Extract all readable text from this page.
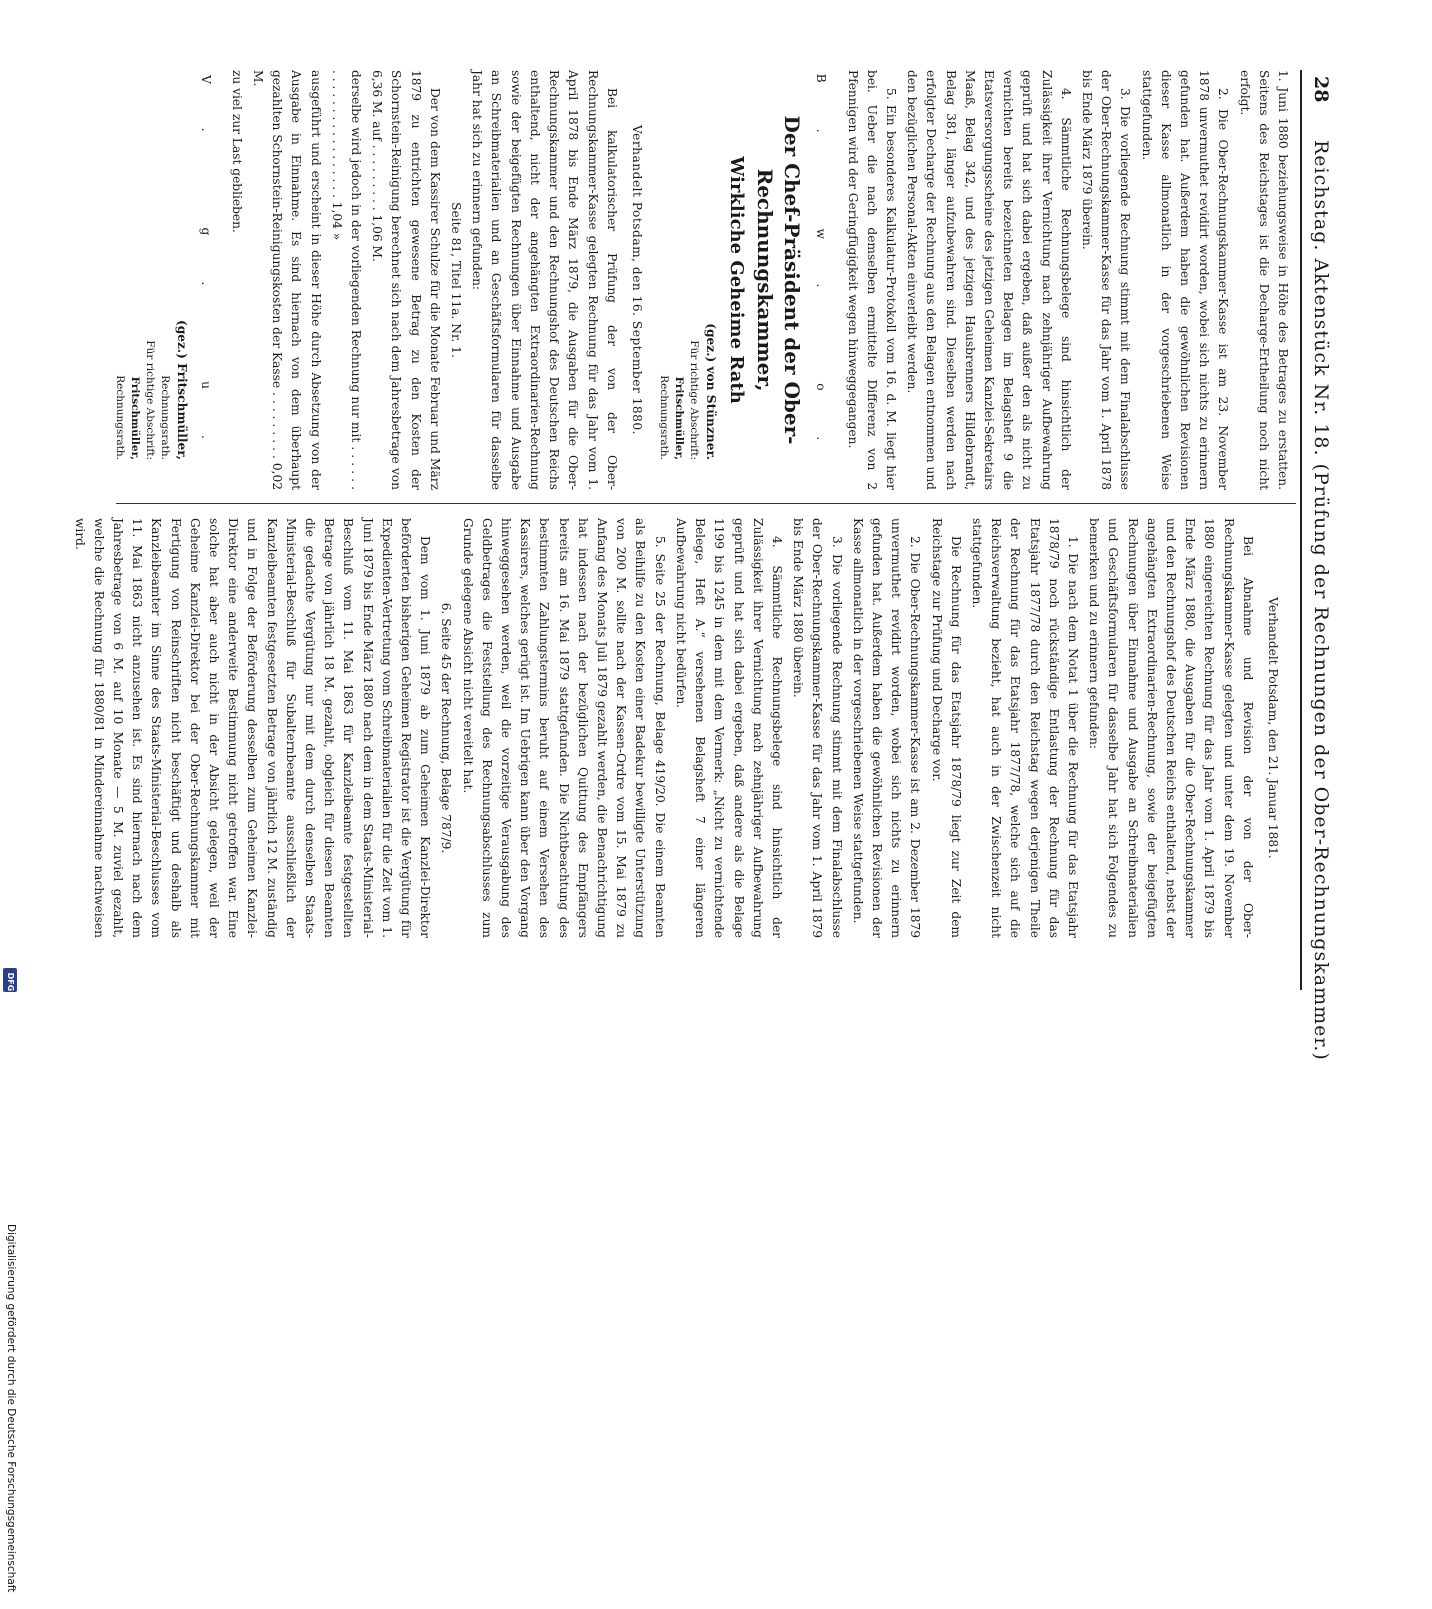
28
Reichstag. Aktenstück Nr. 18. (Prüfung der Rechnungen der Ober-Rechnungskammer.)

1. Juni 1880 beziehungsweise in Höhe des Betrages zu erstatten. Seitens des Reichstages ist die Decharge-Ertheilung noch nicht erfolgt.

2. Die Ober-Rechnungskammer-Kasse ist am 23. November 1878 unvermuthet revidirt worden, wobei sich nichts zu erinnern gefunden hat. Außerdem haben die gewöhnlichen Revisionen dieser Kasse allmonatlich in der vorgeschriebenen Weise stattgefunden.

3. Die vorliegende Rechnung stimmt mit dem Finalabschlusse der Ober-Rechnungskammer-Kasse für das Jahr vom 1. April 1878 bis Ende März 1879 überein.

4. Sämmtliche Rechnungsbelege sind hinsichtlich der Zulässigkeit ihrer Vernichtung nach zehnjähriger Aufbewahrung geprüft und hat sich dabei ergeben, daß außer den als nicht zu vernichten bereits bezeichneten Belagen im Belagsheft 9 die Etatsversorgungsscheine des jetzigen Geheimen Kanzlei-Sekretairs Maaß, Belag 342, und des jetzigen Hausbrenners Hildebrandt, Belag 381, länger aufzubewahren sind. Dieselben werden nach erfolgter Decharge der Rechnung aus den Belagen entnommen und den bezüglichen Personal-Akten einverleibt werden.

5. Ein besonderes Kalkulatur-Protokoll vom 16. d. M. liegt hier bei. Ueber die nach demselben ermittelte Differenz von 2 Pfennigen wird der Geringfügigkeit wegen hinweggegangen.

B. w. o.

Der Chef-Präsident der Ober-Rechnungskammer,

Wirkliche Geheime Rath

(gez.) von Stünzner.

Für richtige Abschrift:

Fritschmüller,

Rechnungsrath.

Verhandelt Potsdam, den 16. September 1880.

Bei kalkulatorischer Prüfung der von der Ober-Rechnungskammer-Kasse gelegten Rechnung für das Jahr vom 1. April 1878 bis Ende März 1879, die Ausgaben für die Ober-Rechnungskammer und den Rechnungshof des Deutschen Reichs enthaltend, nicht der angehängten Extraordinarien-Rechnung sowie der beigefügten Rechnungen über Einnahme und Ausgabe an Schreibmaterialien und an Geschäftsformularen für dasselbe Jahr hat sich zu erinnern gefunden:

Seite 81, Titel 11a. Nr. 1.

Der von dem Kassirer Schulze für die Monate Februar und März 1879 zu entrichten gewesene Betrag zu den Kosten der Schornstein-Reinigung berechnet sich nach dem Jahresbetrage von 6,36 M. auf . . . . . . . . . 1,06 M.

derselbe wird jedoch in der vorliegenden Rechnung nur mit . . . . . . . . . . . . . . . . . . . . . . . 1,04 »

ausgeführt und erscheint in dieser Höhe durch Absetzung von der Ausgabe in Einnahme. Es sind hiernach von dem überhaupt gezahlten Schornstein-Reinigungskosten der Kasse . . . . . . . . . 0,02 M.

zu viel zur Last geblieben.

V. g. u.

(gez.) Fritschmüller,

Rechnungsrath.

Für richtige Abschrift:

Fritschmüller,

Rechnungsrath.

Verhandelt Potsdam, den 21. Januar 1881.

Bei Abnahme und Revision der von der Ober-Rechnungskammer-Kasse gelegten und unter dem 19. November 1880 eingereichten Rechnung für das Jahr vom 1. April 1879 bis Ende März 1880, die Ausgaben für die Ober-Rechnungskammer und den Rechnungshof des Deutschen Reichs enthaltend, nebst der angehängten Extraordinarien-Rechnung, sowie der beigefügten Rechnungen über Einnahme und Ausgabe an Schreibmaterialien und Geschäftsformularen für dasselbe Jahr hat sich Folgendes zu bemerken und zu erinnern gefunden:

1. Die nach dem Notat 1 über die Rechnung für das Etatsjahr 1878/79 noch rückständige Entlastung der Rechnung für das Etatsjahr 1877/78 durch den Reichstag wegen derjenigen Theile der Rechnung für das Etatsjahr 1877/78, welche sich auf die Reichsverwaltung bezieht, hat auch in der Zwischenzeit nicht stattgefunden.

Die Rechnung für das Etatsjahr 1878/79 liegt zur Zeit dem Reichstage zur Prüfung und Decharge vor.

2. Die Ober-Rechnungskammer-Kasse ist am 2. Dezember 1879 unvermuthet revidirt worden, wobei sich nichts zu erinnern gefunden hat. Außerdem haben die gewöhnlichen Revisionen der Kasse allmonatlich in der vorgeschriebenen Weise stattgefunden.

3. Die vorliegende Rechnung stimmt mit dem Finalabschlusse der Ober-Rechnungskammer-Kasse für das Jahr vom 1. April 1879 bis Ende März 1880 überein.

4. Sämmtliche Rechnungsbelege sind hinsichtlich der Zulässigkeit ihrer Vernichtung nach zehnjähriger Aufbewahrung geprüft und hat sich dabei ergeben, daß andere als die Belage 1199 bis 1245 in dem mit dem Vermerk: „Nicht zu vernichtende Belege, Heft A.“ versehenen Belagsheft 7 einer längeren Aufbewahrung nicht bedürfen.

5. Seite 25 der Rechnung, Belage 419/20. Die einem Beamten als Beihilfe zu den Kosten einer Badekur bewilligte Unterstützung von 200 M. sollte nach der Kassen-Ordre vom 15. Mai 1879 zu Anfang des Monats Juli 1879 gezahlt werden, die Benachrichtigung hat indessen nach der bezüglichen Quittung des Empfängers bereits am 16. Mai 1879 stattgefunden. Die Nichtbeachtung des bestimmten Zahlungstermins beruht auf einem Versehen des Kassirers, welches gerügt ist. Im Uebrigen kann über den Vorgang hinweggesehen werden, weil die vorzeitige Verausgabung des Geldbetrages die Feststellung des Rechnungsabschlusses zum Grunde gelegene Absicht nicht vereitelt hat.

6. Seite 45 der Rechnung, Belage 787/9.

Dem vom 1. Juni 1879 ab zum Geheimen Kanzlei-Direktor beförderten bisherigen Geheimen Registrator ist die Vergütung für Expedienten-Vertretung vom Schreibmaterialien für die Zeit vom 1. Juni 1879 bis Ende März 1880 nach dem in dem Staats-Ministerial-Beschluß vom 11. Mai 1863 für Kanzleibeamte festgestellten Betrage von jährlich 18 M. gezahlt, obgleich für diesen Beamten die gedachte Vergütung nur mit dem durch denselben Staats-Ministerial-Beschluß für Subalternbeamte ausschließlich der Kanzleibeamten festgesetzten Betrage von jährlich 12 M. zuständig und in Folge der Beförderung desselben zum Geheimen Kanzlei-Direktor eine anderweite Bestimmung nicht getroffen war. Eine solche hat aber auch nicht in der Absicht gelegen, weil der Geheime Kanzlei-Direktor bei der Ober-Rechnungskammer mit Fertigung von Reinschriften nicht beschäftigt und deshalb als Kanzleibeamter im Sinne des Staats-Ministerial-Beschlusses vom 11. Mai 1863 nicht anzusehen ist. Es sind hiernach nach dem Jahresbetrage von 6 M. auf 10 Monate — 5 M. zuviel gezahlt, welche die Rechnung für 1880/81 in Mindereinnahme nachweisen wird.

Digitalisierung gefördert durch die Deutsche Forschungsgemeinschaft
DFG
